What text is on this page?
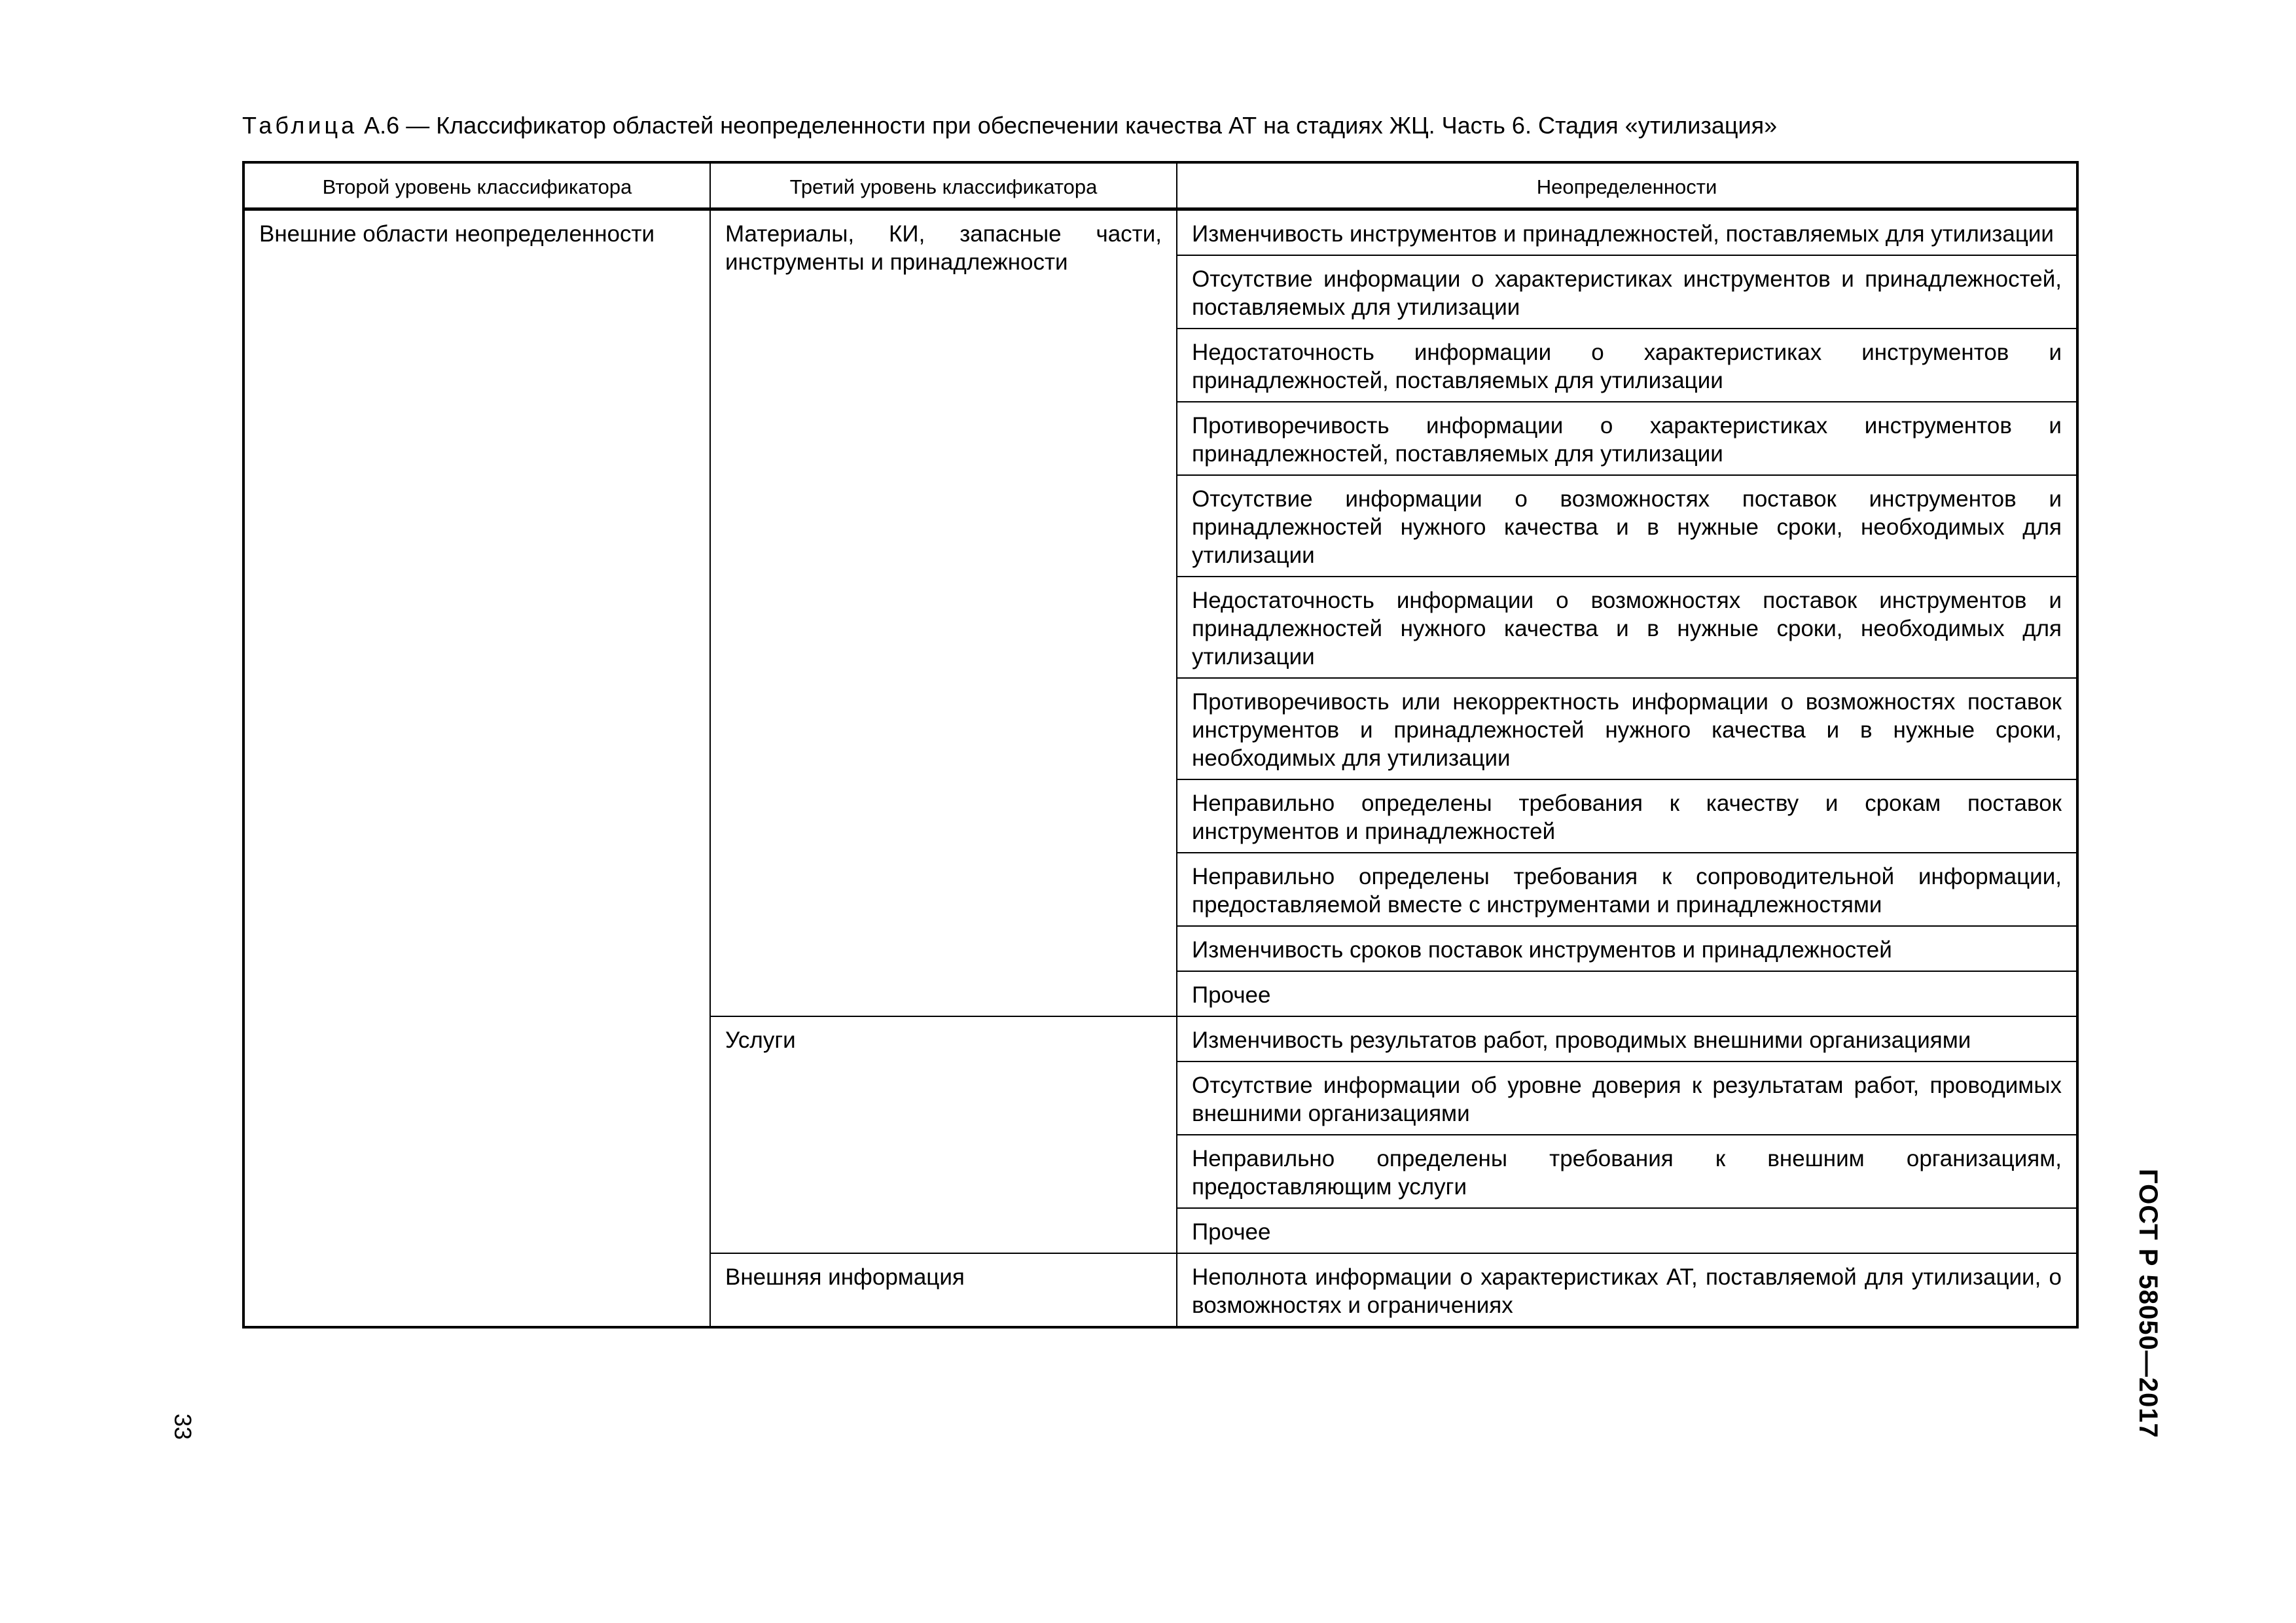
Таблица А.6 — Классификатор областей неопределенности при обеспечении качества АТ на стадиях ЖЦ. Часть 6. Стадия «утилизация»
Второй уровень классификатора	Третий уровень классификатора	Неопределенности
Внешние области неопределенности	Материалы, КИ, запасные части, инструменты и принадлежности	Изменчивость инструментов и принадлежностей, поставляемых для утилизации
		Отсутствие информации о характеристиках инструментов и принадлежностей, поставляемых для утилизации
		Недостаточность информации о характеристиках инструментов и принадлежностей, поставляемых для утилизации
		Противоречивость информации о характеристиках инструментов и принадлежностей, поставляемых для утилизации
		Отсутствие информации о возможностях поставок инструментов и принадлежностей нужного качества и в нужные сроки, необходимых для утилизации
		Недостаточность информации о возможностях поставок инструментов и принадлежностей нужного качества и в нужные сроки, необходимых для утилизации
		Противоречивость или некорректность информации о возможностях поставок инструментов и принадлежностей нужного качества и в нужные сроки, необходимых для утилизации
		Неправильно определены требования к качеству и срокам поставок инструментов и принадлежностей
		Неправильно определены требования к сопроводительной информации, предоставляемой вместе с инструментами и принадлежностями
		Изменчивость сроков поставок инструментов и принадлежностей
		Прочее
	Услуги	Изменчивость результатов работ, проводимых внешними организациями
		Отсутствие информации об уровне доверия к результатам работ, проводимых внешними организациями
		Неправильно определены требования к внешним организациям, предоставляющим услуги
		Прочее
	Внешняя информация	Неполнота информации о характеристиках АТ, поставляемой для утилизации, о возможностях и ограничениях
33	ГОСТ Р 58050—2017
